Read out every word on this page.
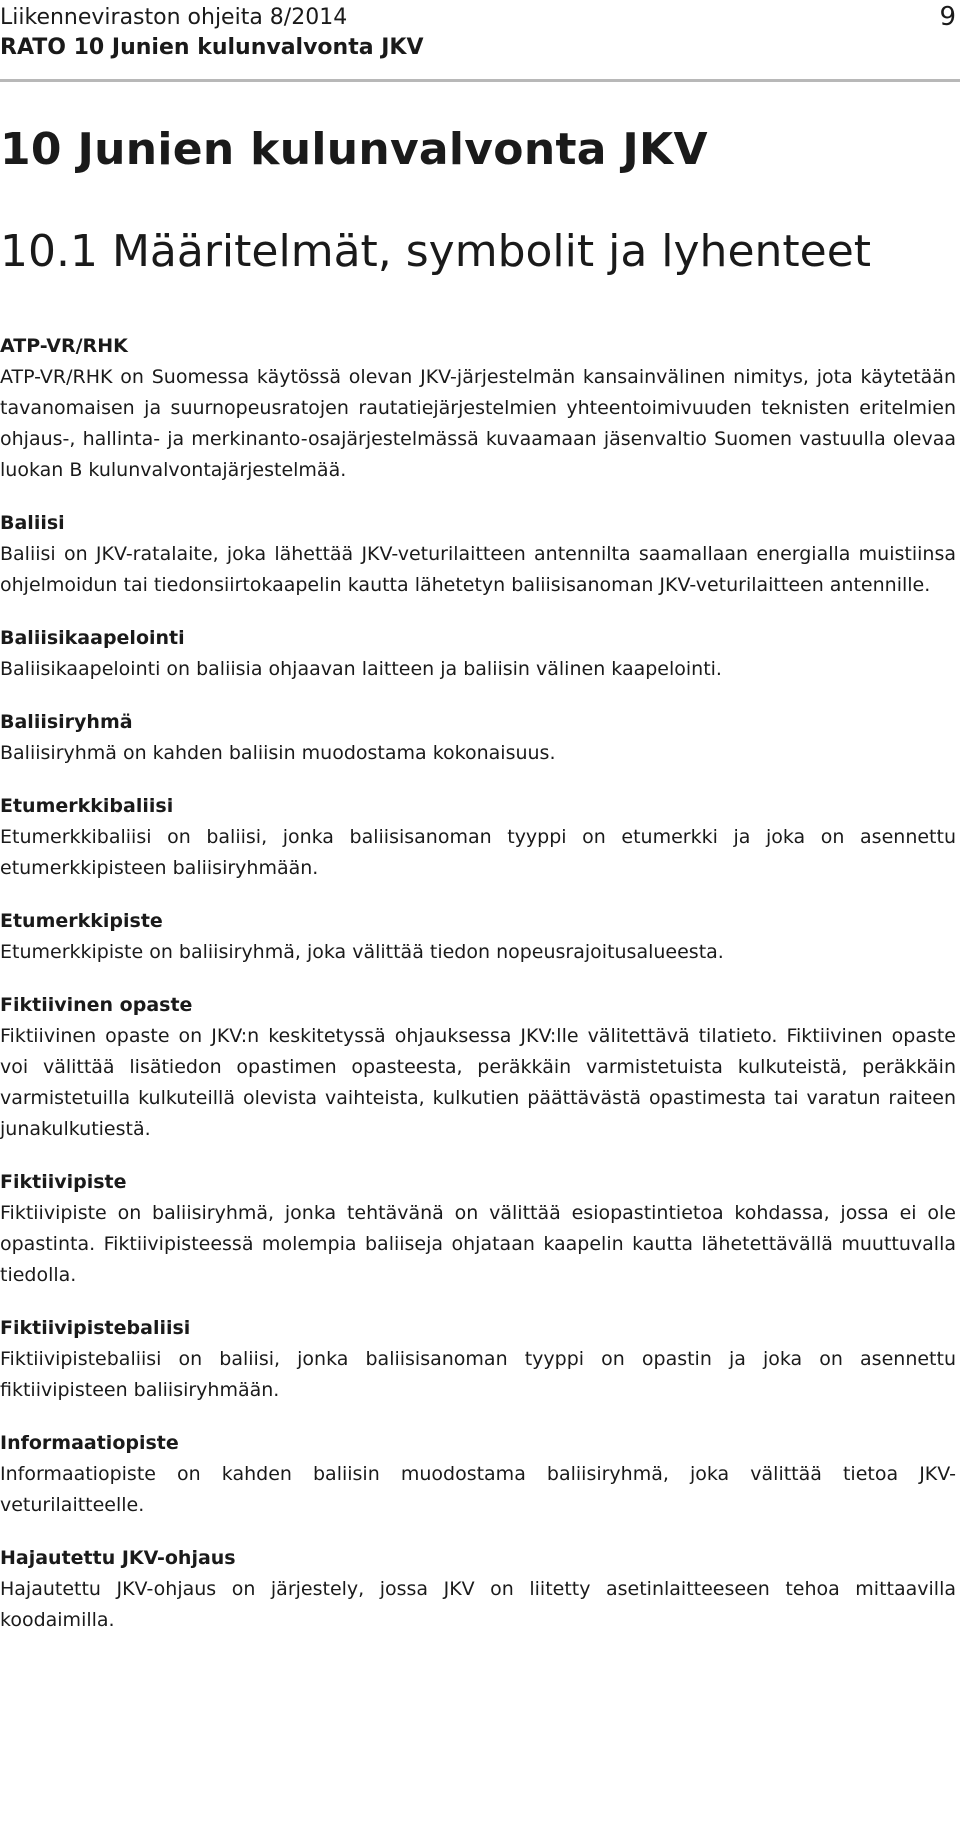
Liikenneviraston ohjeita 8/2014
RATO 10 Junien kulunvalvonta JKV
9
10 Junien kulunvalvonta JKV
10.1 Määritelmät, symbolit ja lyhenteet

ATP-VR/RHK

ATP-VR/RHK on Suomessa käytössä olevan JKV-järjestelmän kansainvälinen nimitys, jota käytetään tavanomaisen ja suurnopeusratojen rautatiejärjestelmien yhteentoimivuuden teknisten eritelmien ohjaus-, hallinta- ja merkinanto-osajärjestelmässä kuvaamaan jäsenvaltio Suomen vastuulla olevaa luokan B kulunvalvontajärjestelmää.

Baliisi

Baliisi on JKV-ratalaite, joka lähettää JKV-veturilaitteen antennilta saamallaan energialla muistiinsa ohjelmoidun tai tiedonsiirtokaapelin kautta lähetetyn baliisisanoman JKV-veturilaitteen antennille.

Baliisikaapelointi

Baliisikaapelointi on baliisia ohjaavan laitteen ja baliisin välinen kaapelointi.

Baliisiryhmä

Baliisiryhmä on kahden baliisin muodostama kokonaisuus.

Etumerkkibaliisi

Etumerkkibaliisi on baliisi, jonka baliisisanoman tyyppi on etumerkki ja joka on asennettu etumerkkipisteen baliisiryhmään.

Etumerkkipiste

Etumerkkipiste on baliisiryhmä, joka välittää tiedon nopeusrajoitusalueesta.

Fiktiivinen opaste

Fiktiivinen opaste on JKV:n keskitetyssä ohjauksessa JKV:lle välitettävä tilatieto. Fiktiivinen opaste voi välittää lisätiedon opastimen opasteesta, peräkkäin varmistetuista kulkuteistä, peräkkäin varmistetuilla kulkuteillä olevista vaihteista, kulkutien päättävästä opastimesta tai varatun raiteen junakulkutiestä.

Fiktiivipiste

Fiktiivipiste on baliisiryhmä, jonka tehtävänä on välittää esiopastintietoa kohdassa, jossa ei ole opastinta. Fiktiivipisteessä molempia baliiseja ohjataan kaapelin kautta lähetettävällä muuttuvalla tiedolla.

Fiktiivipistebaliisi

Fiktiivipistebaliisi on baliisi, jonka baliisisanoman tyyppi on opastin ja joka on asennettu fiktiivipisteen baliisiryhmään.

Informaatiopiste

Informaatiopiste on kahden baliisin muodostama baliisiryhmä, joka välittää tietoa JKV-veturilaitteelle.

Hajautettu JKV-ohjaus

Hajautettu JKV-ohjaus on järjestely, jossa JKV on liitetty asetinlaitteeseen tehoa mittaavilla koodaimilla.
